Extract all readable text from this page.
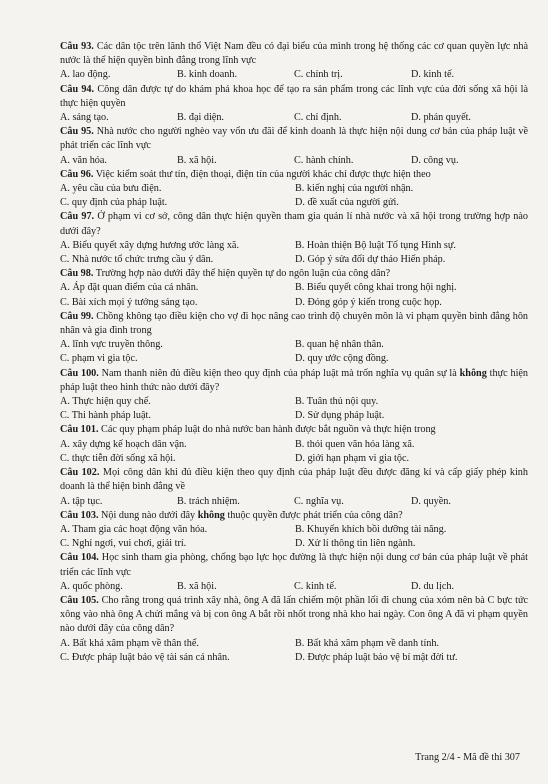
Câu 93. Các dân tộc trên lãnh thổ Việt Nam đều có đại biểu của mình trong hệ thống các cơ quan quyền lực nhà nước là thể hiện quyền bình đẳng trong lĩnh vực
A. lao động.	B. kinh doanh.	C. chính trị.	D. kinh tế.
Câu 94. Công dân được tự do khám phá khoa học để tạo ra sản phẩm trong các lĩnh vực của đời sống xã hội là thực hiện quyền
A. sáng tạo.	B. đại diện.	C. chỉ định.	D. phán quyết.
Câu 95. Nhà nước cho người nghèo vay vốn ưu đãi để kinh doanh là thực hiện nội dung cơ bản của pháp luật về phát triển các lĩnh vực
A. văn hóa.	B. xã hội.	C. hành chính.	D. công vụ.
Câu 96. Việc kiểm soát thư tín, điện thoại, điện tín của người khác chỉ được thực hiện theo
A. yêu cầu của bưu điện.	B. kiến nghị của người nhận.
C. quy định của pháp luật.	D. đề xuất của người gửi.
Câu 97. Ở phạm vi cơ sở, công dân thực hiện quyền tham gia quản lí nhà nước và xã hội trong trường hợp nào dưới đây?
A. Biểu quyết xây dựng hương ước làng xã.	B. Hoàn thiện Bộ luật Tố tụng Hình sự.
C. Nhà nước tổ chức trưng cầu ý dân.	D. Góp ý sửa đổi dự thảo Hiến pháp.
Câu 98. Trường hợp nào dưới đây thể hiện quyền tự do ngôn luận của công dân?
A. Áp đặt quan điểm của cá nhân.	B. Biểu quyết công khai trong hội nghị.
C. Bài xích mọi ý tưởng sáng tạo.	D. Đóng góp ý kiến trong cuộc họp.
Câu 99. Chồng không tạo điều kiện cho vợ đi học nâng cao trình độ chuyên môn là vi phạm quyền bình đẳng hôn nhân và gia đình trong
A. lĩnh vực truyền thông.	B. quan hệ nhân thân.
C. phạm vi gia tộc.	D. quy ước cộng đồng.
Câu 100. Nam thanh niên đủ điều kiện theo quy định của pháp luật mà trốn nghĩa vụ quân sự là không thực hiện pháp luật theo hình thức nào dưới đây?
A. Thực hiện quy chế.	B. Tuân thủ nội quy.
C. Thi hành pháp luật.	D. Sử dụng pháp luật.
Câu 101. Các quy phạm pháp luật do nhà nước ban hành được bắt nguồn và thực hiện trong
A. xây dựng kế hoạch dân vận.	B. thói quen văn hóa làng xã.
C. thực tiễn đời sống xã hội.	D. giới hạn phạm vi gia tộc.
Câu 102. Mọi công dân khi đủ điều kiện theo quy định của pháp luật đều được đăng kí và cấp giấy phép kinh doanh là thể hiện bình đẳng về
A. tập tục.	B. trách nhiệm.	C. nghĩa vụ.	D. quyền.
Câu 103. Nội dung nào dưới đây không thuộc quyền được phát triển của công dân?
A. Tham gia các hoạt động văn hóa.	B. Khuyến khích bồi dưỡng tài năng.
C. Nghỉ ngơi, vui chơi, giải trí.	D. Xử lí thông tin liên ngành.
Câu 104. Học sinh tham gia phòng, chống bạo lực học đường là thực hiện nội dung cơ bản của pháp luật về phát triển các lĩnh vực
A. quốc phòng.	B. xã hội.	C. kinh tế.	D. du lịch.
Câu 105. Cho rằng trong quá trình xây nhà, ông A đã lấn chiếm một phần lối đi chung của xóm nên bà C bực tức xông vào nhà ông A chửi mắng và bị con ông A bắt rồi nhốt trong nhà kho hai ngày. Con ông A đã vi phạm quyền nào dưới đây của công dân?
A. Bất khả xâm phạm về thân thể.	B. Bất khả xâm phạm về danh tính.
C. Được pháp luật bảo vệ tài sản cá nhân.	D. Được pháp luật bảo vệ bí mật đời tư.
Trang 2/4 - Mã đề thi 307
